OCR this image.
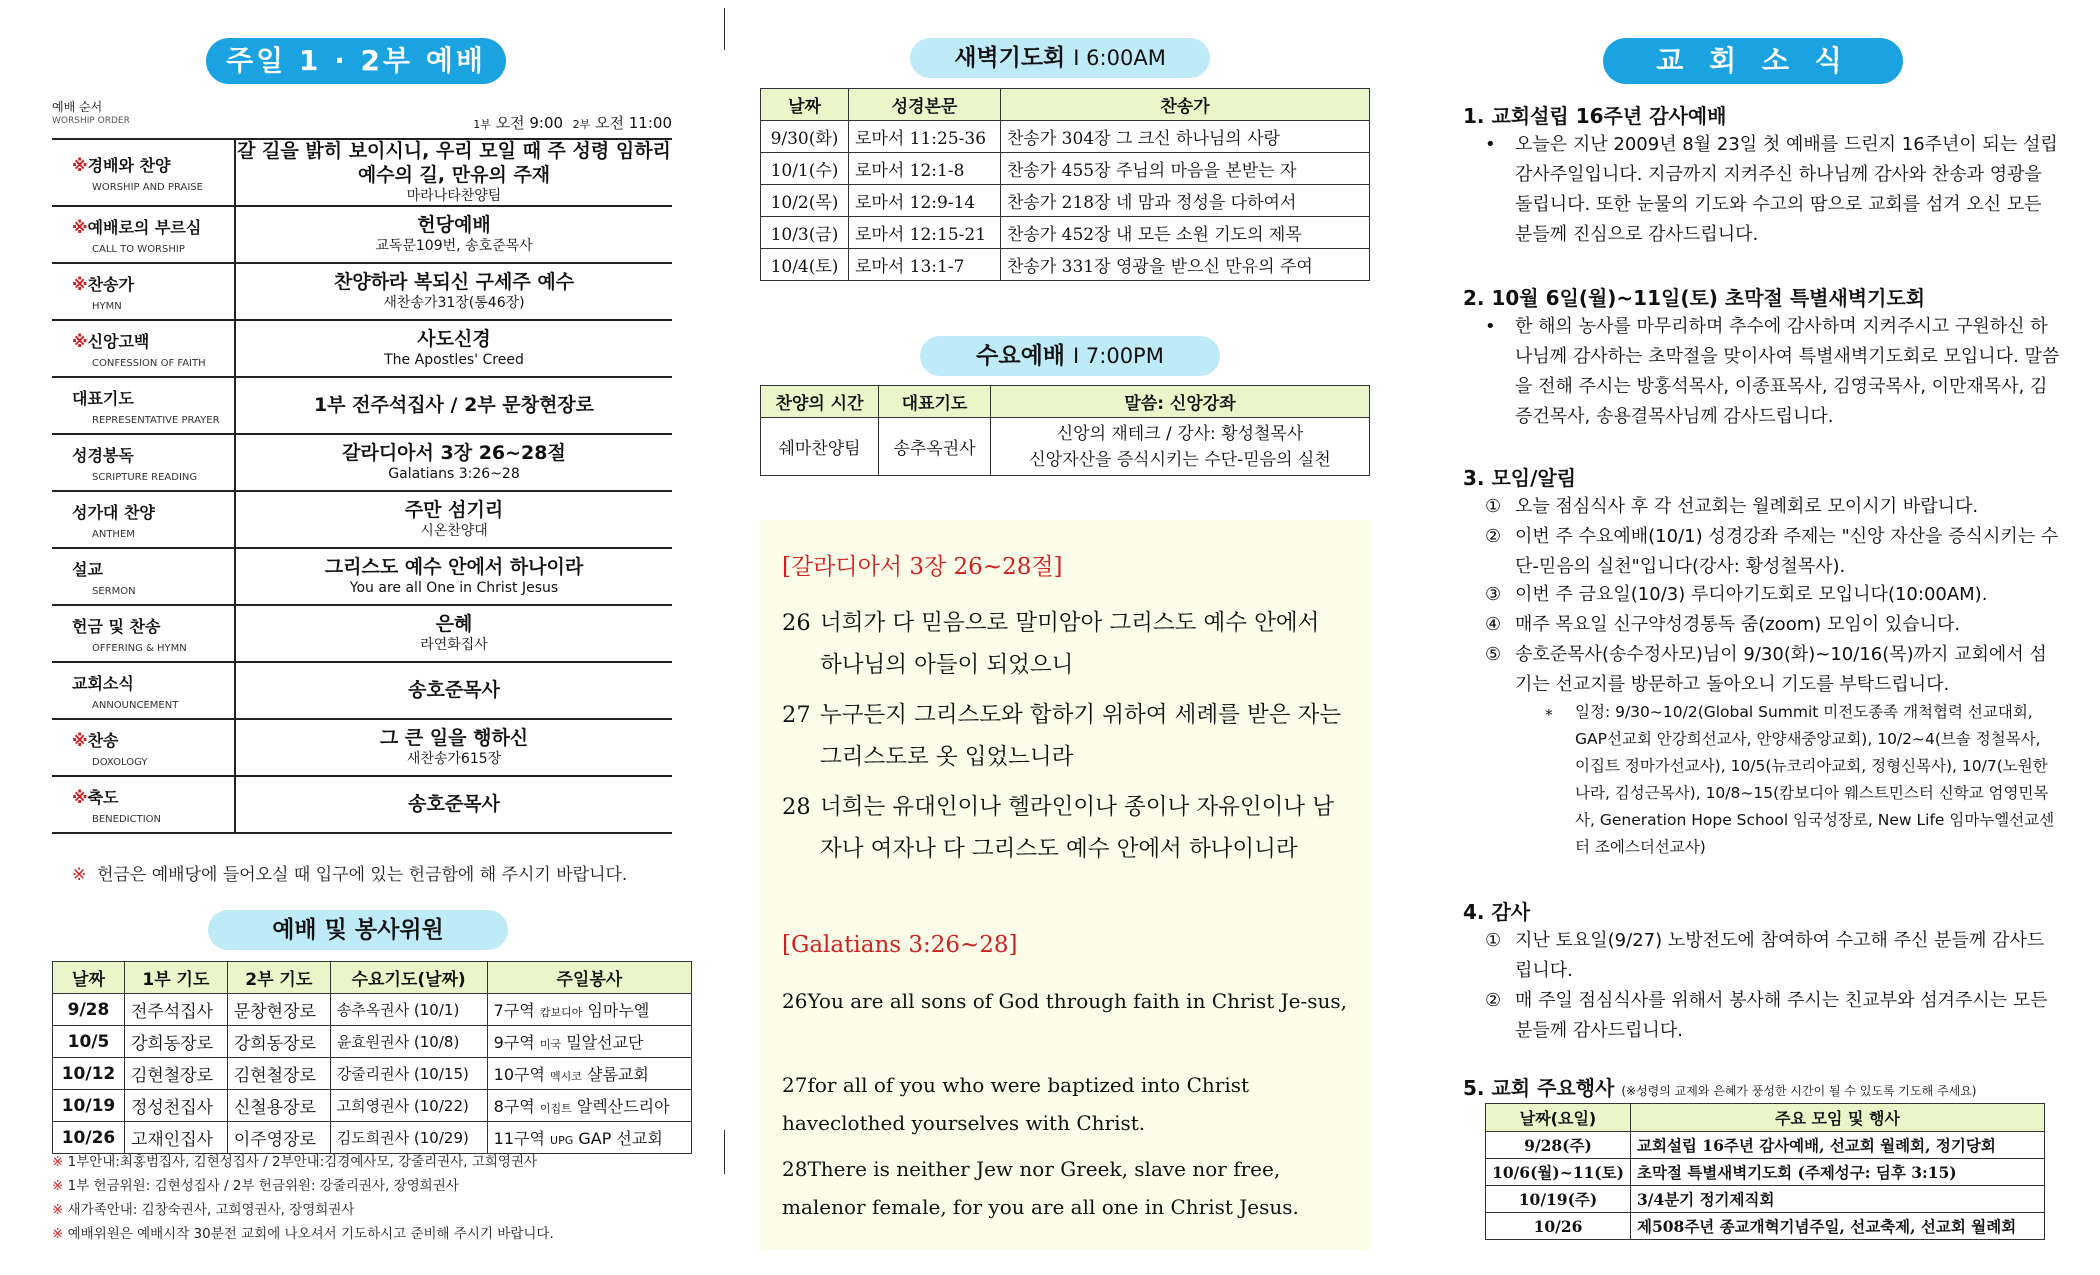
주일 1 · 2부 예배
예배 순서
WORSHIP ORDER	1부 오전 9:00 2부 오전 11:00
※경배와 찬양
WORSHIP AND PRAISE	갈 길을 밝히 보이시니, 우리 모일 때 주 성령 임하리
예수의 길, 만유의 주재
마라나타찬양팀

※예배로의 부르심
CALL TO WORSHIP	헌당예배
교독문109번, 송호준목사

※찬송가
HYMN	찬양하라 복되신 구세주 예수
새찬송가31장(통46장)

※신앙고백
CONFESSION OF FAITH	사도신경
The Apostles' Creed

대표기도
REPRESENTATIVE PRAYER	1부 전주석집사 / 2부 문창현장로

성경봉독
SCRIPTURE READING	갈라디아서 3장 26~28절
Galatians 3:26~28

성가대 찬양
ANTHEM	주만 섬기리
시온찬양대

설교
SERMON	그리스도 예수 안에서 하나이라
You are all One in Christ Jesus

헌금 및 찬송
OFFERING & HYMN	은혜
라연화집사

교회소식
ANNOUNCEMENT	송호준목사

※찬송
DOXOLOGY	그 큰 일을 행하신
새찬송가615장

※축도
BENEDICTION	송호준목사
※ 헌금은 예배당에 들어오실 때 입구에 있는 헌금함에 해 주시기 바랍니다.
예배 및 봉사위원
날짜	1부 기도	2부 기도	수요기도(날짜)	주일봉사
9/28	전주석집사	문창현장로	송추옥권사 (10/1)	7구역 캄보디아 임마누엘
10/5	강희동장로	강희동장로	윤효원권사 (10/8)	9구역 미국 밀알선교단
10/12	김현철장로	김현철장로	강줄리권사 (10/15)	10구역 멕시코 샬롬교회
10/19	정성천집사	신철용장로	고희영권사 (10/22)	8구역 이집트 알렉산드리아
10/26	고재인집사	이주영장로	김도희권사 (10/29)	11구역 UPG GAP 선교회
※ 1부안내:최홍범집사, 김현성집사 / 2부안내:김경예사모, 강줄리권사, 고희영권사
※ 1부 헌금위원: 김현성집사 / 2부 헌금위원: 강줄리권사, 장영희권사
※ 새가족안내: 김창숙권사, 고희영권사, 장영희권사
※ 예배위원은 예배시작 30분전 교회에 나오셔서 기도하시고 준비해 주시기 바랍니다.
새벽기도회 I 6:00AM
날짜	성경본문	찬송가
9/30(화)	로마서 11:25-36	찬송가 304장 그 크신 하나님의 사랑
10/1(수)	로마서 12:1-8	찬송가 455장 주님의 마음을 본받는 자
10/2(목)	로마서 12:9-14	찬송가 218장 네 맘과 정성을 다하여서
10/3(금)	로마서 12:15-21	찬송가 452장 내 모든 소원 기도의 제목
10/4(토)	로마서 13:1-7	찬송가 331장 영광을 받으신 만유의 주여
수요예배 I 7:00PM
찬양의 시간	대표기도	말씀: 신앙강좌
쉐마찬양팀	송추옥권사	신앙의 재테크 / 강사: 황성철목사
신앙자산을 증식시키는 수단-믿음의 실천
[갈라디아서 3장 26~28절]
26 너희가 다 믿음으로 말미암아 그리스도 예수 안에서
하나님의 아들이 되었으니
27 누구든지 그리스도와 합하기 위하여 세례를 받은 자는
그리스도로 옷 입었느니라
28 너희는 유대인이나 헬라인이나 종이나 자유인이나 남
자나 여자나 다 그리스도 예수 안에서 하나이니라
[Galatians 3:26~28]
26You are all sons of God through faith in Christ Je-sus,
27for all of you who were baptized into Christ haveclothed yourselves with Christ.
28There is neither Jew nor Greek, slave nor free, malenor female, for you are all one in Christ Jesus.
교 회 소 식
1. 교회설립 16주년 감사예배
•	오늘은 지난 2009년 8월 23일 첫 예배를 드린지 16주년이 되는 설립감사주일입니다. 지금까지 지켜주신 하나님께 감사와 찬송과 영광을 돌립니다. 또한 눈물의 기도와 수고의 땀으로 교회를 섬겨 오신 모든 분들께 진심으로 감사드립니다.
2. 10월 6일(월)~11일(토) 초막절 특별새벽기도회
•	한 해의 농사를 마무리하며 추수에 감사하며 지켜주시고 구원하신 하나님께 감사하는 초막절을 맞이사여 특별새벽기도회로 모입니다. 말씀을 전해 주시는 방홍석목사, 이종표목사, 김영국목사, 이만재목사, 김증건목사, 송용결목사님께 감사드립니다.
3. 모임/알림
① 오늘 점심식사 후 각 선교회는 월례회로 모이시기 바랍니다.
② 이번 주 수요예배(10/1) 성경강좌 주제는 "신앙 자산을 증식시키는 수단-믿음의 실천"입니다(강사: 황성철목사).
③ 이번 주 금요일(10/3) 루디아기도회로 모입니다(10:00AM).
④ 매주 목요일 신구약성경통독 줌(zoom) 모임이 있습니다.
⑤ 송호준목사(송수정사모)님이 9/30(화)~10/16(목)까지 교회에서 섬기는 선교지를 방문하고 돌아오니 기도를 부탁드립니다.
*	일정: 9/30~10/2(Global Summit 미전도종족 개척협력 선교대회, GAP선교회 안강희선교사, 안양새중앙교회), 10/2~4(브솔 정철목사, 이집트 정마가선교사), 10/5(뉴코리아교회, 정형신목사), 10/7(노원한나라, 김성근목사), 10/8~15(캄보디아 웨스트민스터 신학교 엄영민목사, Generation Hope School 임국성장로, New Life 임마누엘선교센터 조에스더선교사)
4. 감사
① 지난 토요일(9/27) 노방전도에 참여하여 수고해 주신 분들께 감사드립니다.
② 매 주일 점심식사를 위해서 봉사해 주시는 친교부와 섬겨주시는 모든 분들께 감사드립니다.
5. 교회 주요행사 (※성령의 교제와 은혜가 풍성한 시간이 될 수 있도록 기도해 주세요)
날짜(요일)	주요 모임 및 행사
9/28(주)	교회설립 16주년 감사예배, 선교회 월례회, 정기당회
10/6(월)~11(토)	초막절 특별새벽기도회 (주제성구: 딤후 3:15)
10/19(주)	3/4분기 정기제직회
10/26	제508주년 종교개혁기념주일, 선교축제, 선교회 월례회
